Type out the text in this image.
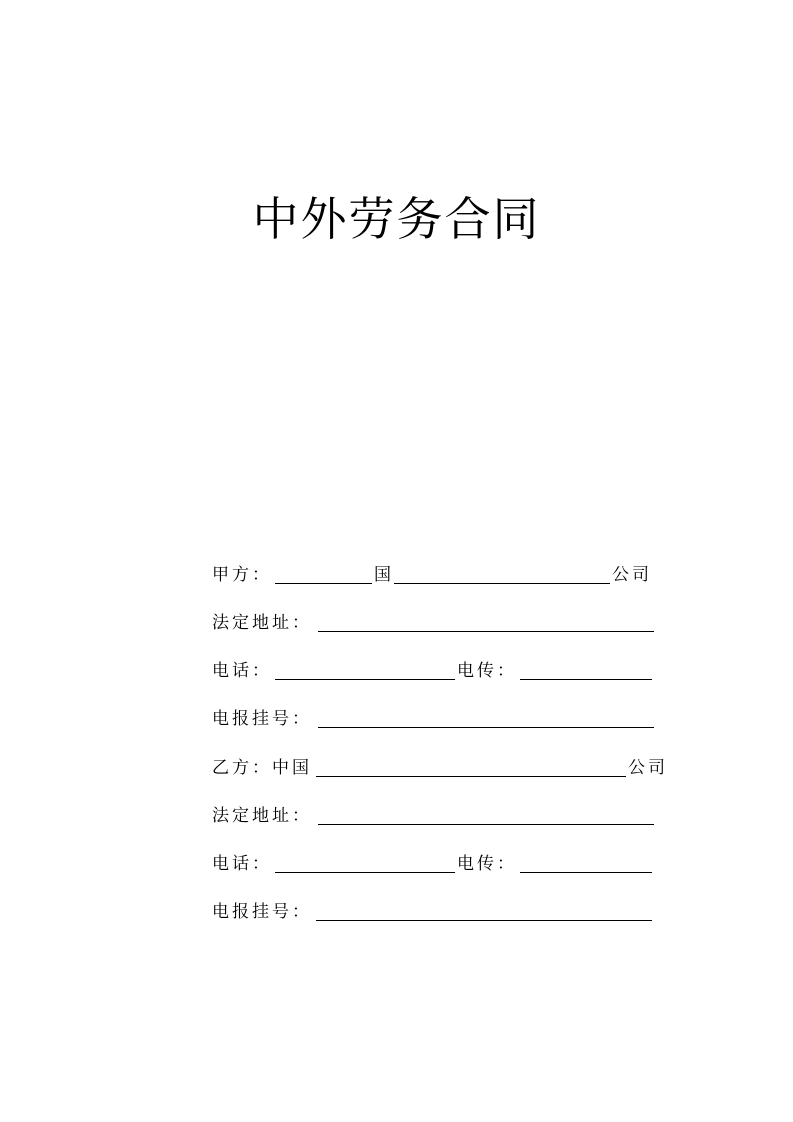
中外劳务合同
甲方：	国	公司
法定地址：
电话：	电传：
电报挂号：
乙方：中国	公司
法定地址：
电话：	电传：
电报挂号：
